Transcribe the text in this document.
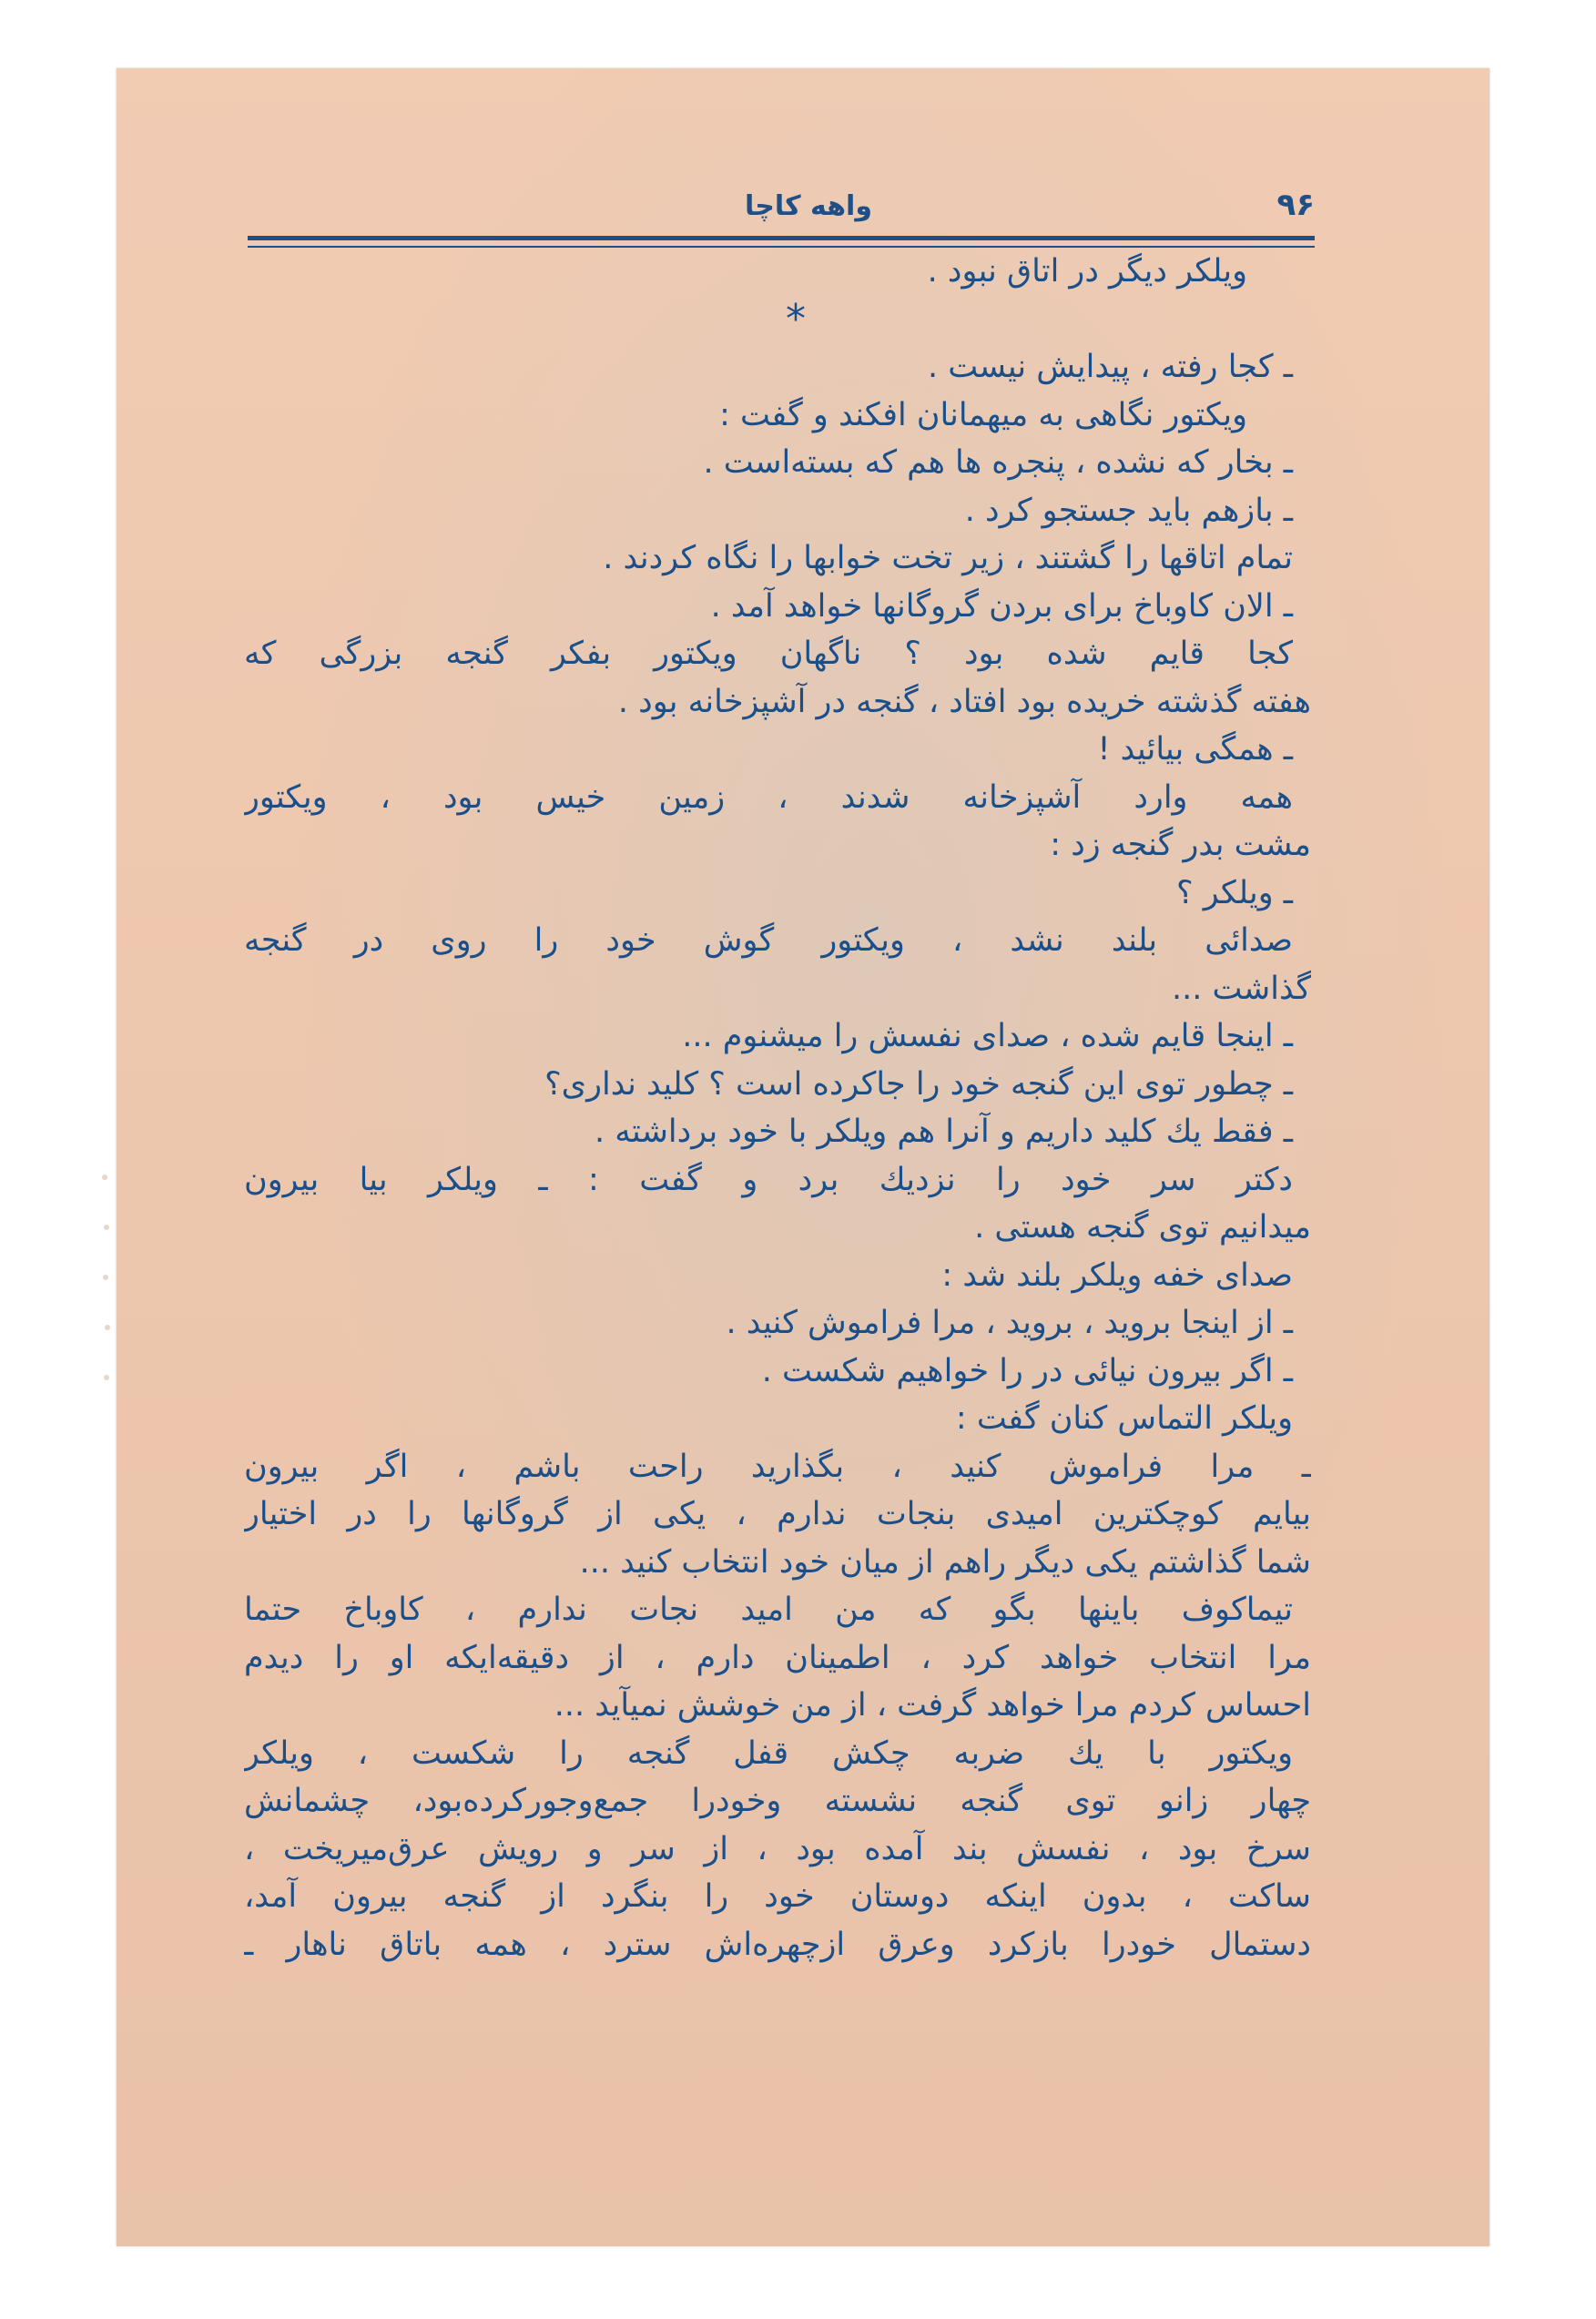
۹۶
واهه کاچا
ویلکر دیگر در اتاق نبود .
*
ـ کجا رفته ، پیدایش نیست .
ویکتور نگاهی به میهمانان افکند و گفت :
ـ بخار که نشده ، پنجره ها هم که بسته‌است .
ـ بازهم باید جستجو کرد .
تمام اتاقها را گشتند ، زیر تخت خوابها را نگاه کردند .
ـ الان کاوباخ برای بردن گروگانها خواهد آمد .
کجا قایم شده بود ؟ ناگهان ویکتور بفکر گنجه بزرگی که
هفته گذشته خریده بود افتاد ، گنجه در آشپزخانه بود .
ـ همگی بیائید !
همه وارد آشپزخانه شدند ، زمین خیس بود ، ویکتور
مشت بدر گنجه زد :
ـ ویلکر ؟
صدائی بلند نشد ، ویکتور گوش خود را روی در گنجه
گذاشت ...
ـ اینجا قایم شده ، صدای نفسش را میشنوم ...
ـ چطور توی این گنجه خود را جاکرده است ؟ کلید نداری؟
ـ فقط یك کلید داریم و آنرا هم ویلکر با خود برداشته .
دکتر سر خود را نزدیك برد و گفت : ـ ویلکر بیا بیرون
میدانیم توی گنجه هستی .
صدای خفه ویلکر بلند شد :
ـ از اینجا بروید ، بروید ، مرا فراموش کنید .
ـ اگر بیرون نیائی در را خواهیم شکست .
ویلکر التماس کنان گفت :
ـ مرا فراموش کنید ، بگذارید راحت باشم ، اگر بیرون
بیایم کوچکترین امیدی بنجات ندارم ، یکی از گروگانها را در اختیار
شما گذاشتم یکی دیگر راهم از میان خود انتخاب کنید ...
تیماکوف باینها بگو که من امید نجات ندارم ، کاوباخ حتما
مرا انتخاب خواهد کرد ، اطمینان دارم ، از دقیقه‌ایکه او را دیدم
احساس کردم مرا خواهد گرفت ، از من خوشش نمیآید ...
ویکتور با یك ضربه چکش قفل گنجه را شکست ، ویلکر
چهار زانو توی گنجه نشسته وخودرا جمع‌وجورکرده‌بود، چشمانش
سرخ بود ، نفسش بند آمده بود ، از سر و رویش عرق‌میریخت ،
ساکت ، بدون اینکه دوستان خود را بنگرد از گنجه بیرون آمد،
دستمال خودرا بازکرد وعرق ازچهره‌اش سترد ، همه باتاق ناهار ـ
